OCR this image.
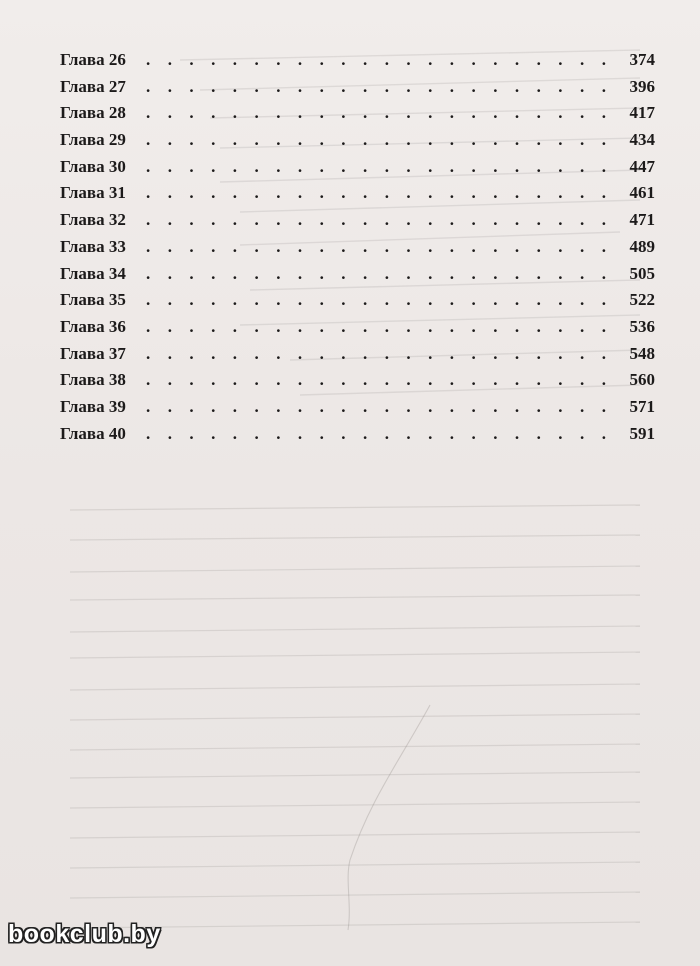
Глава 26 . . .	374
Глава 27 . . .	396
Глава 28 . . .	417
Глава 29 . . .	434
Глава 30 . . .	447
Глава 31 . . .	461
Глава 32 . . .	471
Глава 33 . . .	489
Глава 34 . . .	505
Глава 35 . . .	522
Глава 36 . . .	536
Глава 37 . . .	548
Глава 38 . . .	560
Глава 39 . . .	571
Глава 40 . . .	591
bookclub.by
